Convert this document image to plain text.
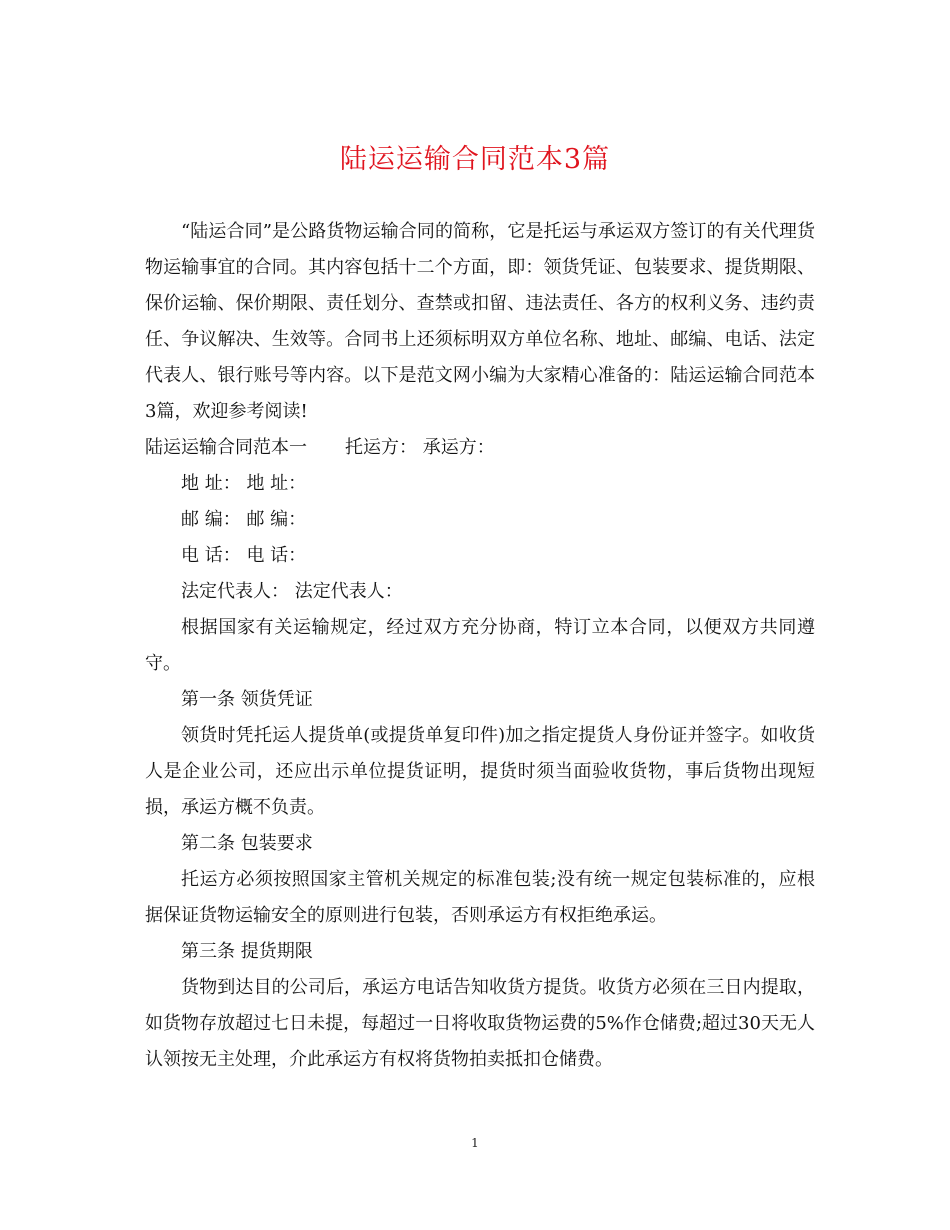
陆运运输合同范本3篇

“陆运合同”是公路货物运输合同的简称，它是托运与承运双方签订的有关代理货物运输事宜的合同。其内容包括十二个方面，即：领货凭证、包装要求、提货期限、保价运输、保价期限、责任划分、查禁或扣留、违法责任、各方的权利义务、违约责任、争议解决、生效等。合同书上还须标明双方单位名称、地址、邮编、电话、法定代表人、银行账号等内容。以下是范文网小编为大家精心准备的：陆运运输合同范本3篇，欢迎参考阅读!

陆运运输合同范本一 托运方： 承运方：

地 址： 地 址：

邮 编： 邮 编：

电 话： 电 话：

法定代表人： 法定代表人：

根据国家有关运输规定，经过双方充分协商，特订立本合同，以便双方共同遵守。

第一条 领货凭证

领货时凭托运人提货单(或提货单复印件)加之指定提货人身份证并签字。如收货人是企业公司，还应出示单位提货证明，提货时须当面验收货物，事后货物出现短损，承运方概不负责。

第二条 包装要求

托运方必须按照国家主管机关规定的标准包装;没有统一规定包装标准的，应根据保证货物运输安全的原则进行包装，否则承运方有权拒绝承运。

第三条 提货期限

货物到达目的公司后，承运方电话告知收货方提货。收货方必须在三日内提取，如货物存放超过七日未提，每超过一日将收取货物运费的5%作仓储费;超过30天无人认领按无主处理，介此承运方有权将货物拍卖抵扣仓储费。

1
